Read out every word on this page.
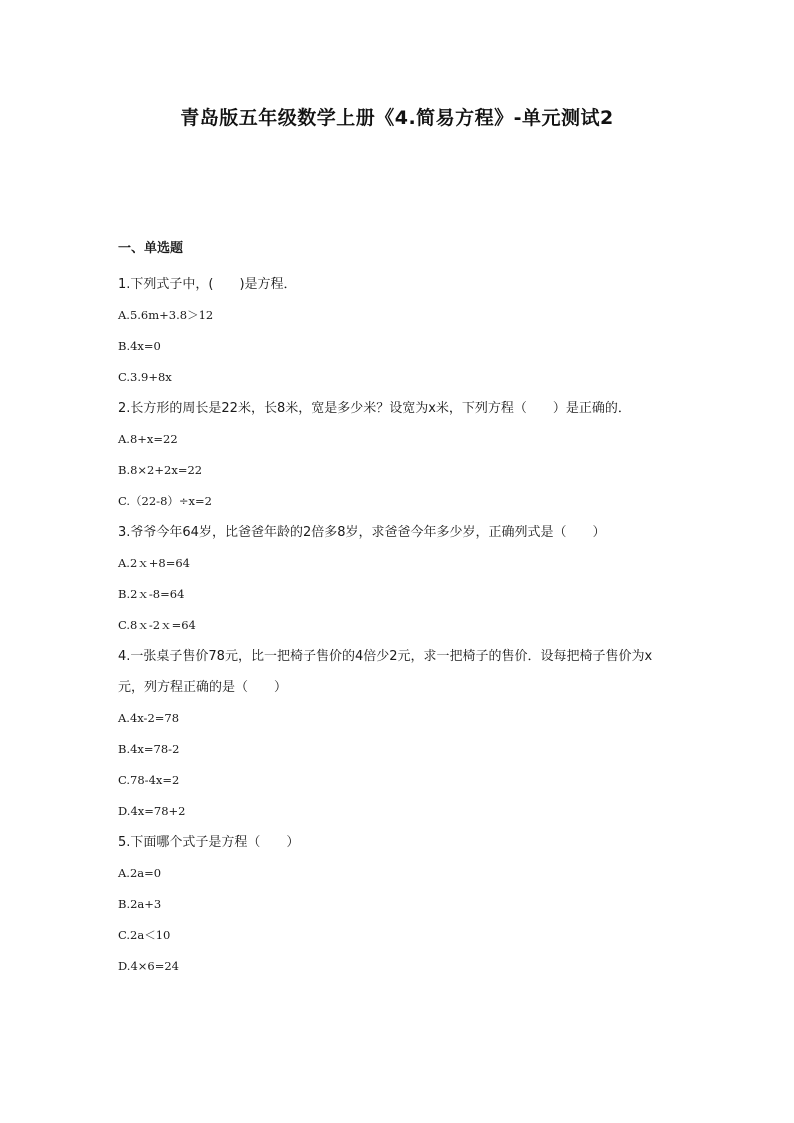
青岛版五年级数学上册《4.简易方程》-单元测试2
一、单选题
1.下列式子中，(　　)是方程．
A.5.6m+3.8＞12
B.4x=0
C.3.9+8x
2.长方形的周长是22米，长8米，宽是多少米？设宽为x米，下列方程（　　）是正确的．
A.8+x=22
B.8×2+2x=22
C.（22-8）÷x=2
3.爷爷今年64岁，比爸爸年龄的2倍多8岁，求爸爸今年多少岁，正确列式是（　　）
A.2ｘ+8=64
B.2ｘ-8=64
C.8ｘ-2ｘ=64
4.一张桌子售价78元，比一把椅子售价的4倍少2元，求一把椅子的售价．设每把椅子售价为x元，列方程正确的是（　　）
A.4x-2=78
B.4x=78-2
C.78-4x=2
D.4x=78+2
5.下面哪个式子是方程（　　）
A.2a=0
B.2a+3
C.2a＜10
D.4×6=24
